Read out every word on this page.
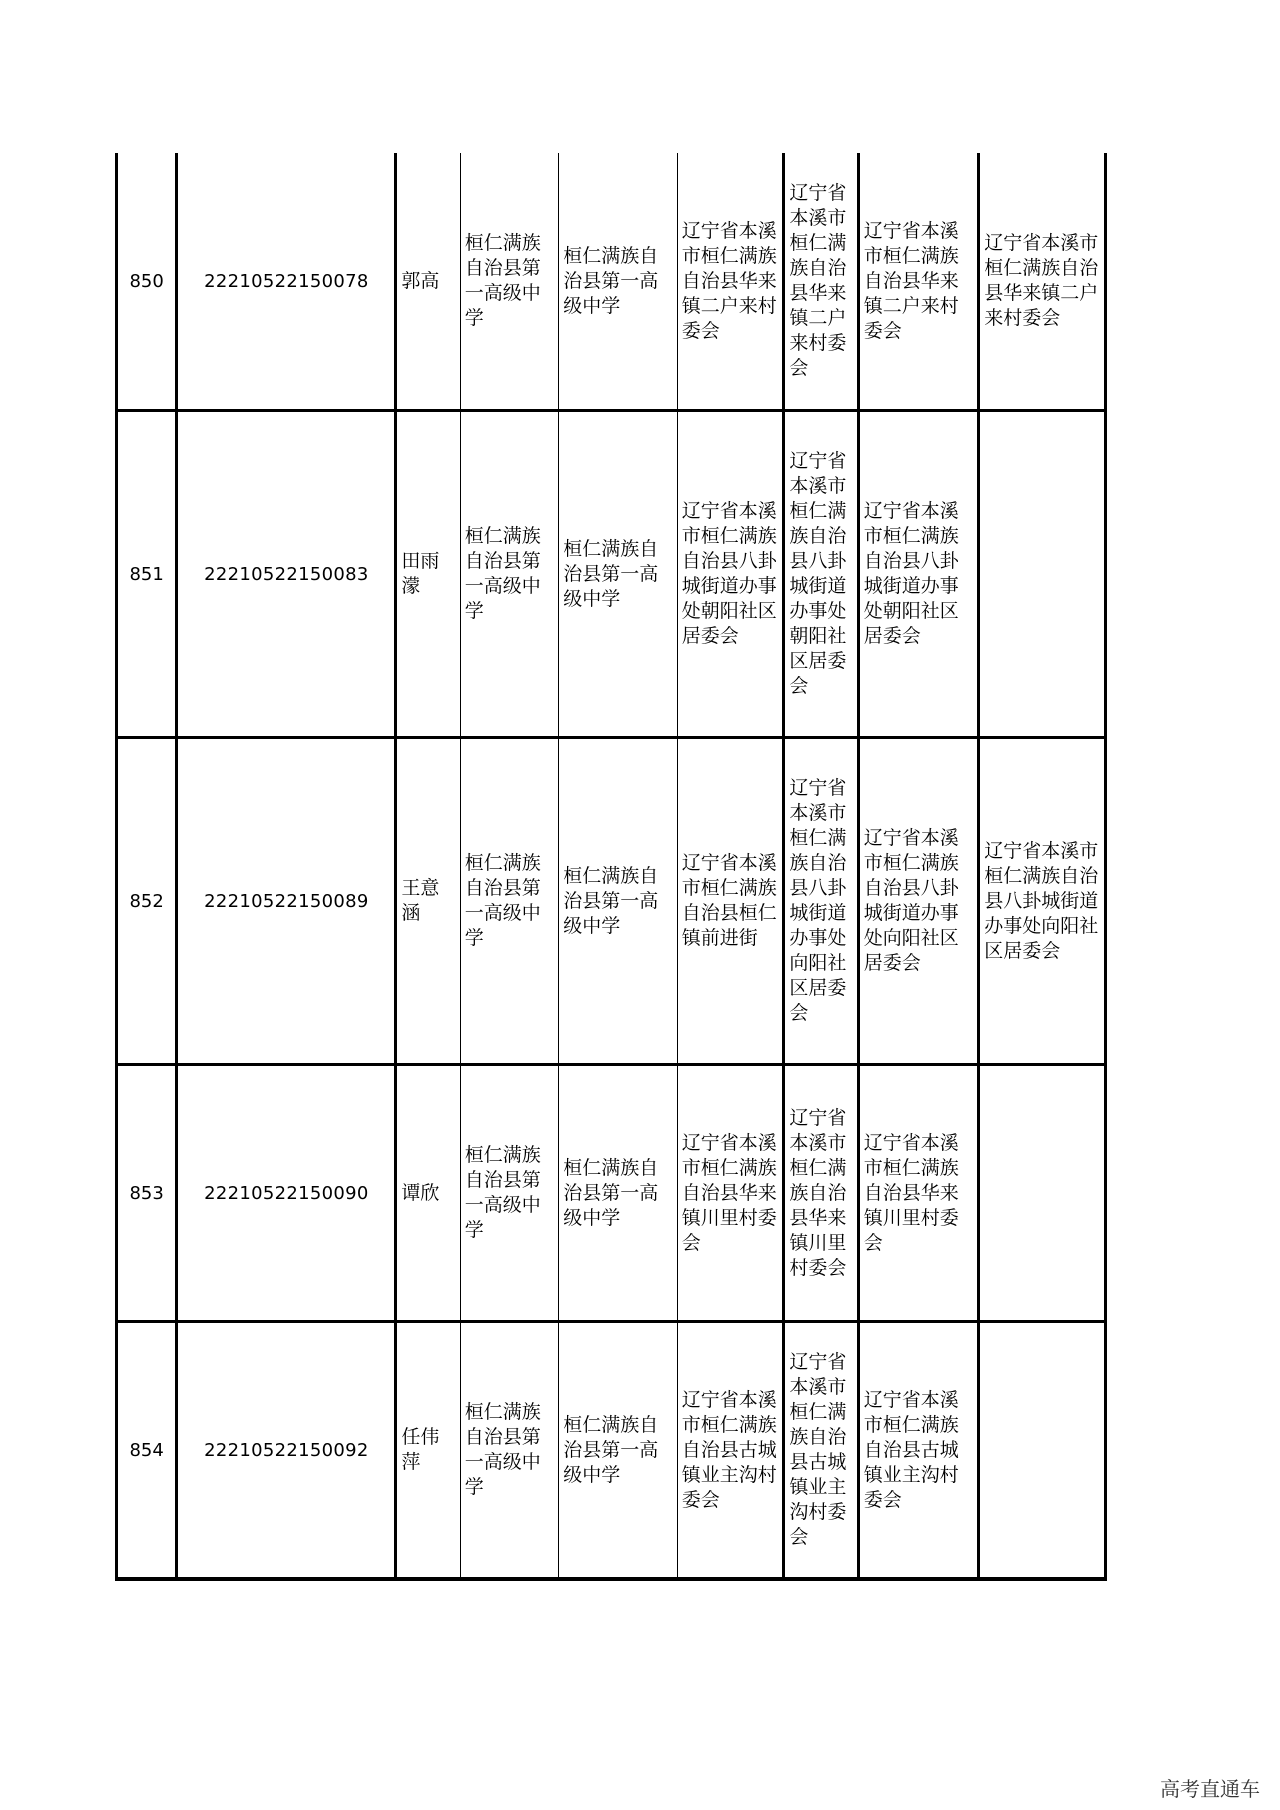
850	22210522150078	郭高	桓仁满族自治县第一高级中学	桓仁满族自治县第一高级中学	辽宁省本溪市桓仁满族自治县华来镇二户来村委会	辽宁省本溪市桓仁满族自治县华来镇二户来村委会	辽宁省本溪市桓仁满族自治县华来镇二户来村委会	辽宁省本溪市桓仁满族自治县华来镇二户来村委会
851	22210522150083	田雨濛	桓仁满族自治县第一高级中学	桓仁满族自治县第一高级中学	辽宁省本溪市桓仁满族自治县八卦城街道办事处朝阳社区居委会	辽宁省本溪市桓仁满族自治县八卦城街道办事处朝阳社区居委会	辽宁省本溪市桓仁满族自治县八卦城街道办事处朝阳社区居委会	
852	22210522150089	王意涵	桓仁满族自治县第一高级中学	桓仁满族自治县第一高级中学	辽宁省本溪市桓仁满族自治县桓仁镇前进街	辽宁省本溪市桓仁满族自治县八卦城街道办事处向阳社区居委会	辽宁省本溪市桓仁满族自治县八卦城街道办事处向阳社区居委会	辽宁省本溪市桓仁满族自治县八卦城街道办事处向阳社区居委会
853	22210522150090	谭欣	桓仁满族自治县第一高级中学	桓仁满族自治县第一高级中学	辽宁省本溪市桓仁满族自治县华来镇川里村委会	辽宁省本溪市桓仁满族自治县华来镇川里村委会	辽宁省本溪市桓仁满族自治县华来镇川里村委会	
854	22210522150092	任伟萍	桓仁满族自治县第一高级中学	桓仁满族自治县第一高级中学	辽宁省本溪市桓仁满族自治县古城镇业主沟村委会	辽宁省本溪市桓仁满族自治县古城镇业主沟村委会	辽宁省本溪市桓仁满族自治县古城镇业主沟村委会	
高考直通车
